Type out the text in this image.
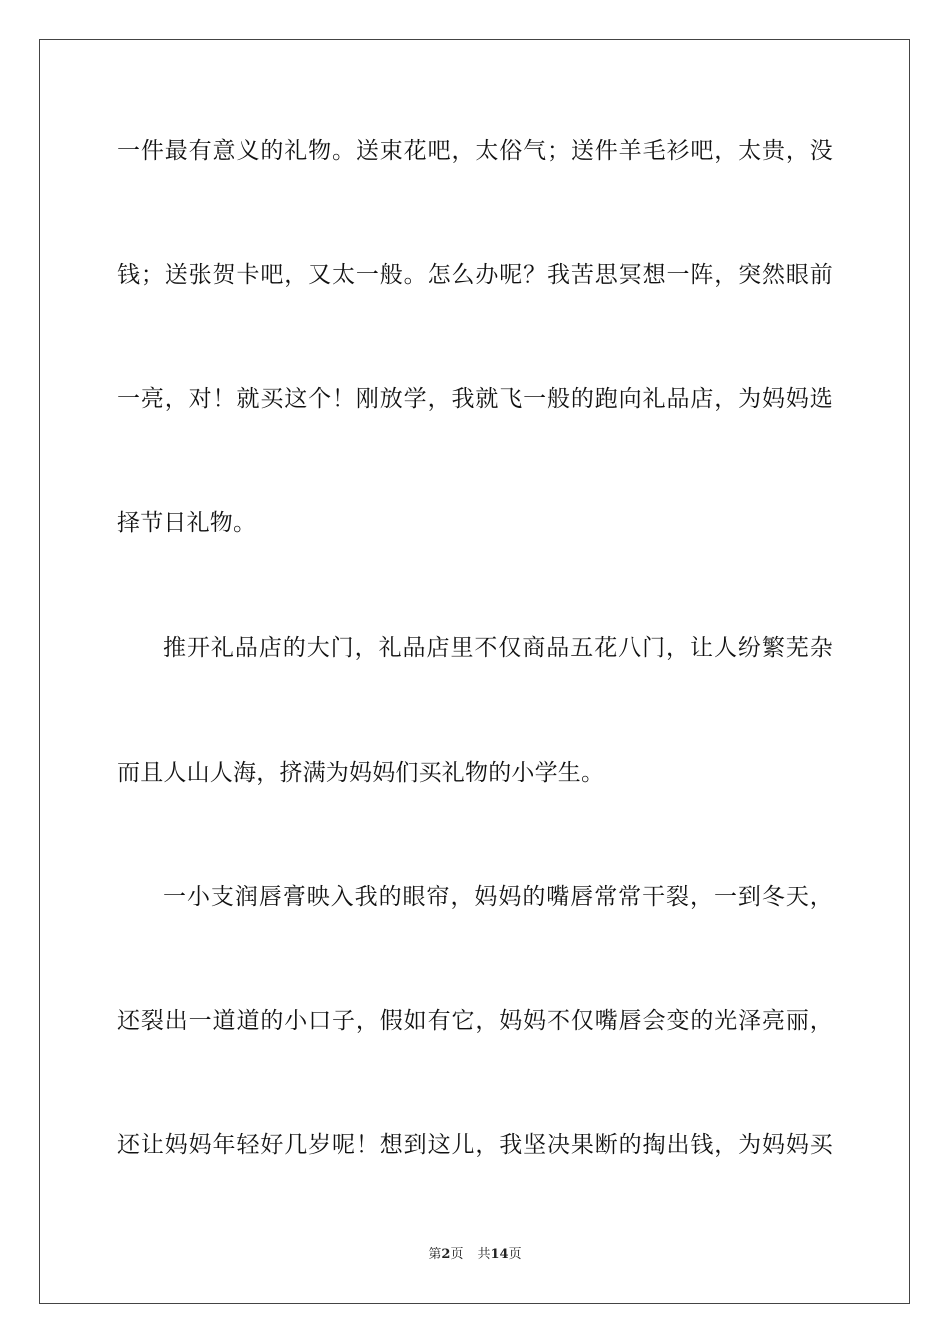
一件最有意义的礼物。送束花吧，太俗气；送件羊毛衫吧，太贵，没
钱；送张贺卡吧，又太一般。怎么办呢？我苦思冥想一阵，突然眼前
一亮，对！就买这个！刚放学，我就飞一般的跑向礼品店，为妈妈选
择节日礼物。
推开礼品店的大门，礼品店里不仅商品五花八门，让人纷繁芜杂
而且人山人海，挤满为妈妈们买礼物的小学生。
一小支润唇膏映入我的眼帘，妈妈的嘴唇常常干裂，一到冬天，
还裂出一道道的小口子，假如有它，妈妈不仅嘴唇会变的光泽亮丽，
还让妈妈年轻好几岁呢！想到这儿，我坚决果断的掏出钱，为妈妈买
第2页 共14页
